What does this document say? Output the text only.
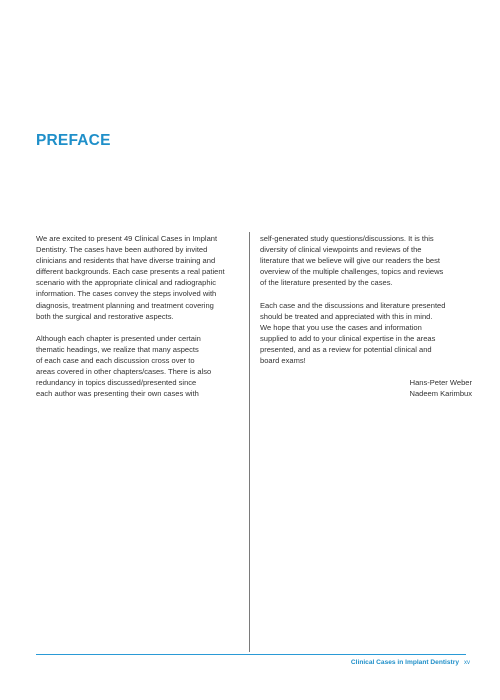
PREFACE

We are excited to present 49 Clinical Cases in Implant
Dentistry. The cases have been authored by invited
clinicians and residents that have diverse training and
different backgrounds. Each case presents a real patient
scenario with the appropriate clinical and radiographic
information. The cases convey the steps involved with
diagnosis, treatment planning and treatment covering
both the surgical and restorative aspects.

Although each chapter is presented under certain
thematic headings, we realize that many aspects
of each case and each discussion cross over to
areas covered in other chapters/cases. There is also
redundancy in topics discussed/presented since
each author was presenting their own cases with

self-generated study questions/discussions. It is this
diversity of clinical viewpoints and reviews of the
literature that we believe will give our readers the best
overview of the multiple challenges, topics and reviews
of the literature presented by the cases.

Each case and the discussions and literature presented
should be treated and appreciated with this in mind.
We hope that you use the cases and information
supplied to add to your clinical expertise in the areas
presented, and as a review for potential clinical and
board exams!

Hans-Peter Weber
Nadeem Karimbux
Clinical Cases in Implant Dentistry xv
